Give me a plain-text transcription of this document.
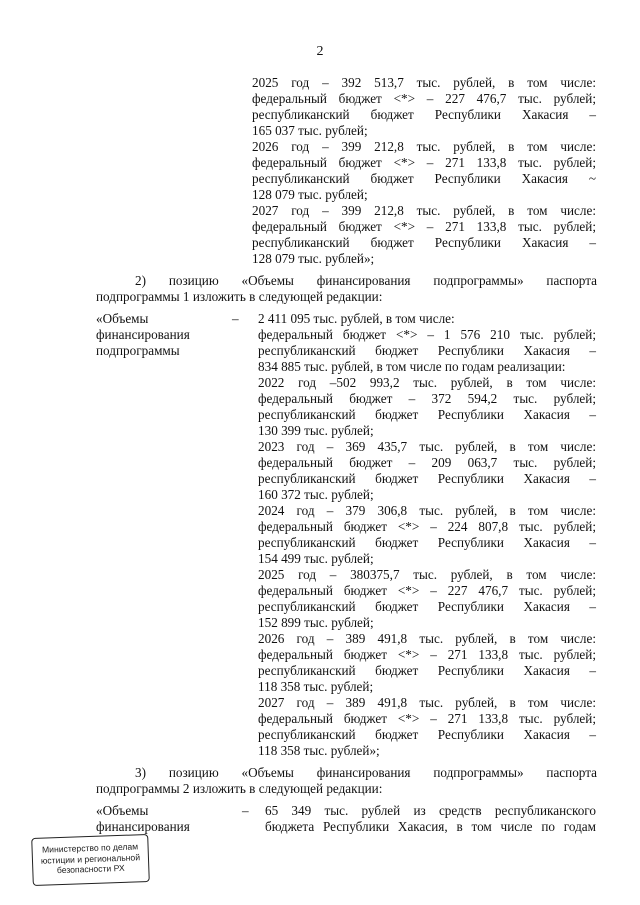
2
2025 год – 392 513,7 тыс. рублей, в том числе:
федеральный бюджет <*> – 227 476,7 тыс. рублей;
республиканский бюджет Республики Хакасия –
165 037 тыс. рублей;
2026 год – 399 212,8 тыс. рублей, в том числе:
федеральный бюджет <*> – 271 133,8 тыс. рублей;
республиканский бюджет Республики Хакасия ~
128 079 тыс. рублей;
2027 год – 399 212,8 тыс. рублей, в том числе:
федеральный бюджет <*> – 271 133,8 тыс. рублей;
республиканский бюджет Республики Хакасия –
128 079 тыс. рублей»;
2) позицию «Объемы финансирования подпрограммы» паспорта
подпрограммы 1 изложить в следующей редакции:
«Объемы
финансирования
подпрограммы
– 2 411 095 тыс. рублей, в том числе:
федеральный бюджет <*> – 1 576 210 тыс. рублей;
республиканский бюджет Республики Хакасия –
834 885 тыс. рублей, в том числе по годам реализации:
2022 год –502 993,2 тыс. рублей, в том числе:
федеральный бюджет – 372 594,2 тыс. рублей;
республиканский бюджет Республики Хакасия –
130 399 тыс. рублей;
2023 год – 369 435,7 тыс. рублей, в том числе:
федеральный бюджет – 209 063,7 тыс. рублей;
республиканский бюджет Республики Хакасия –
160 372 тыс. рублей;
2024 год – 379 306,8 тыс. рублей, в том числе:
федеральный бюджет <*> – 224 807,8 тыс. рублей;
республиканский бюджет Республики Хакасия –
154 499 тыс. рублей;
2025 год – 380375,7 тыс. рублей, в том числе:
федеральный бюджет <*> – 227 476,7 тыс. рублей;
республиканский бюджет Республики Хакасия –
152 899 тыс. рублей;
2026 год – 389 491,8 тыс. рублей, в том числе:
федеральный бюджет <*> – 271 133,8 тыс. рублей;
республиканский бюджет Республики Хакасия –
118 358 тыс. рублей;
2027 год – 389 491,8 тыс. рублей, в том числе:
федеральный бюджет <*> – 271 133,8 тыс. рублей;
республиканский бюджет Республики Хакасия –
118 358 тыс. рублей»;
3) позицию «Объемы финансирования подпрограммы» паспорта
подпрограммы 2 изложить в следующей редакции:
«Объемы
финансирования
– 65 349 тыс. рублей из средств республиканского
бюджета Республики Хакасия, в том числе по годам
Министерство по делам
юстиции и региональной
безопасности РХ
